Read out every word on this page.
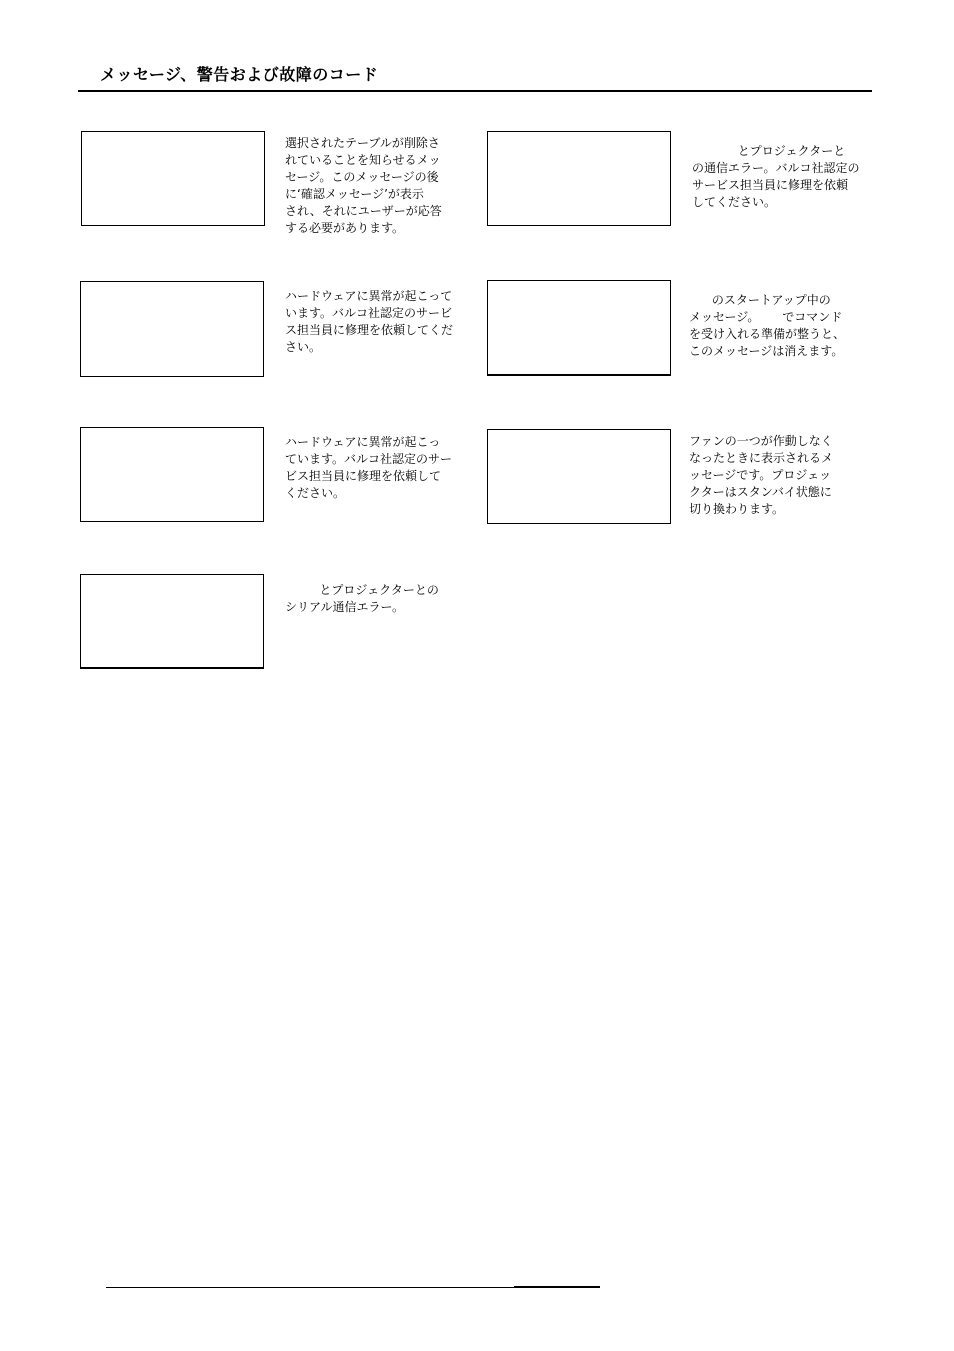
メッセージ、警告および故障のコード
選択されたテーブルが削除さ
れていることを知らせるメッ
セージ。このメッセージの後
に‘確認メッセージ’が表示
され、それにユーザーが応答
する必要があります。
とプロジェクターと
の通信エラー。バルコ社認定の
サービス担当員に修理を依頼
してください。
ハードウェアに異常が起こって
います。バルコ社認定のサービ
ス担当員に修理を依頼してくだ
さい。
のスタートアップ中の
メッセージ。      でコマンド
を受け入れる準備が整うと、
このメッセージは消えます。
ハードウェアに異常が起こっ
ています。バルコ社認定のサー
ビス担当員に修理を依頼して
ください。
ファンの一つが作動しなく
なったときに表示されるメ
ッセージです。プロジェッ
クターはスタンバイ状態に
切り換わります。
とプロジェクターとの
シリアル通信エラー。
